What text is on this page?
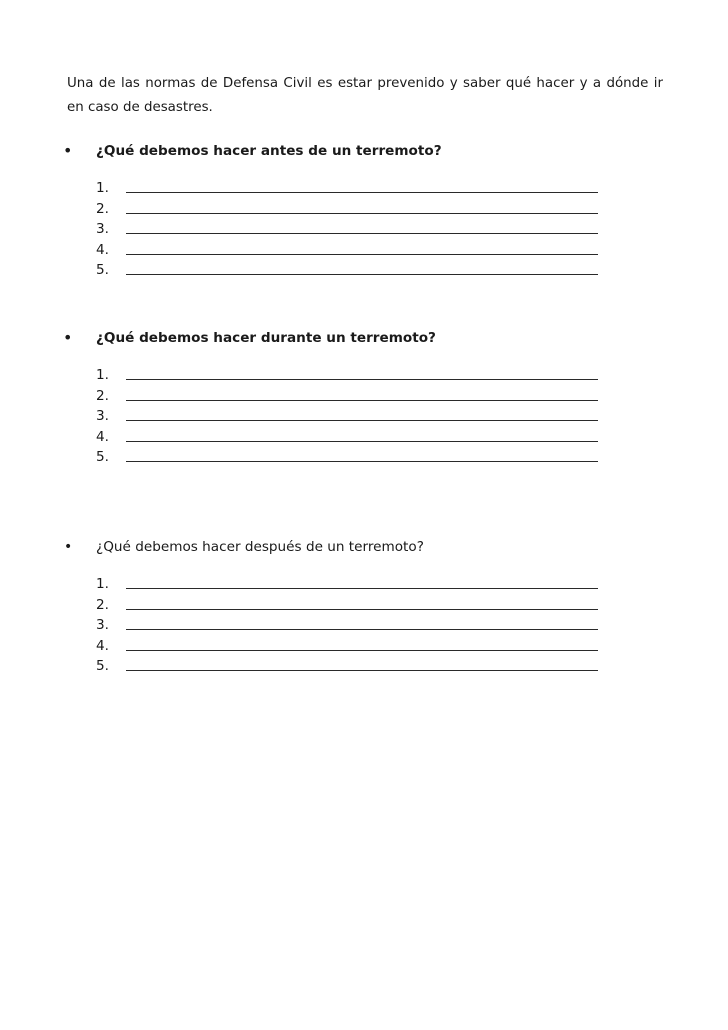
Una de las normas de Defensa Civil es estar prevenido y saber qué hacer y a dónde ir en caso de desastres.

• ¿Qué debemos hacer antes de un terremoto?

1.
2.
3.
4.
5.
• ¿Qué debemos hacer durante un terremoto?

1.
2.
3.
4.
5.
• ¿Qué debemos hacer después de un terremoto?

1.
2.
3.
4.
5.
